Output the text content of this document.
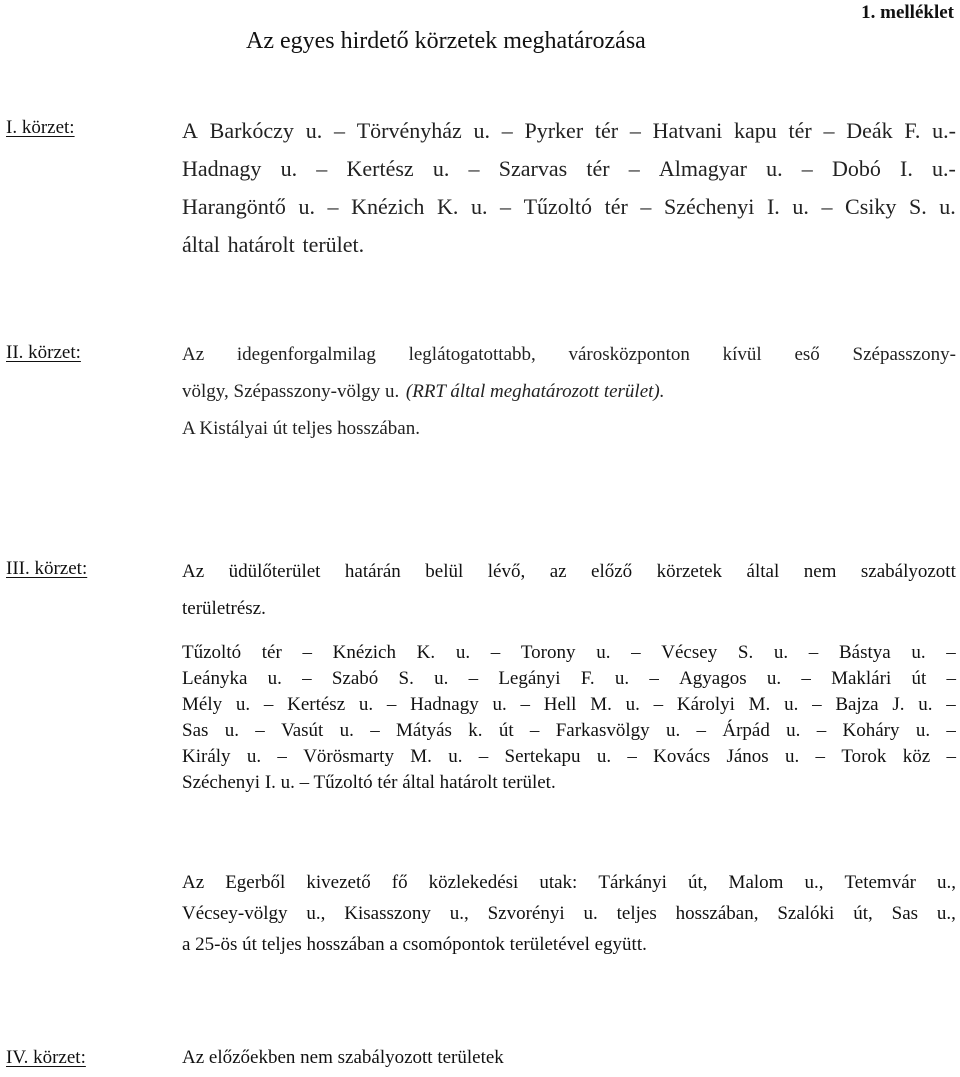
1. melléklet
Az egyes hirdető körzetek meghatározása
I. körzet:	A Barkóczy u. – Törvényház u. – Pyrker tér – Hatvani kapu tér – Deák F. u.-
Hadnagy u. – Kertész u. – Szarvas tér – Almagyar u. – Dobó I. u.-
Harangöntő u. – Knézich K. u. – Tűzoltó tér – Széchenyi I. u. – Csiky S. u.
által határolt terület.
II. körzet:	Az idegenforgalmilag leglátogatottabb, városközponton kívül eső Szépasszony-
völgy, Szépasszony-völgy u. (RRT által meghatározott terület).
A Kistályai út teljes hosszában.
III. körzet:	Az üdülőterület határán belül lévő, az előző körzetek által nem szabályozott
területrész.
Tűzoltó tér – Knézich K. u. – Torony u. – Vécsey S. u. – Bástya u. –
Leányka u. – Szabó S. u. – Legányi F. u. – Agyagos u. – Maklári út –
Mély u. – Kertész u. – Hadnagy u. – Hell M. u. – Károlyi M. u. – Bajza J. u. –
Sas u. – Vasút u. – Mátyás k. út – Farkasvölgy u. – Árpád u. – Koháry u. –
Király u. – Vörösmarty M. u. – Sertekapu u. – Kovács János u. – Torok köz –
Széchenyi I. u. – Tűzoltó tér által határolt terület.
Az Egerből kivezető fő közlekedési utak: Tárkányi út, Malom u., Tetemvár u.,
Vécsey-völgy u., Kisasszony u., Szvorényi u. teljes hosszában, Szalóki út, Sas u.,
a 25-ös út teljes hosszában a csomópontok területével együtt.
IV. körzet:	Az előzőekben nem szabályozott területek
